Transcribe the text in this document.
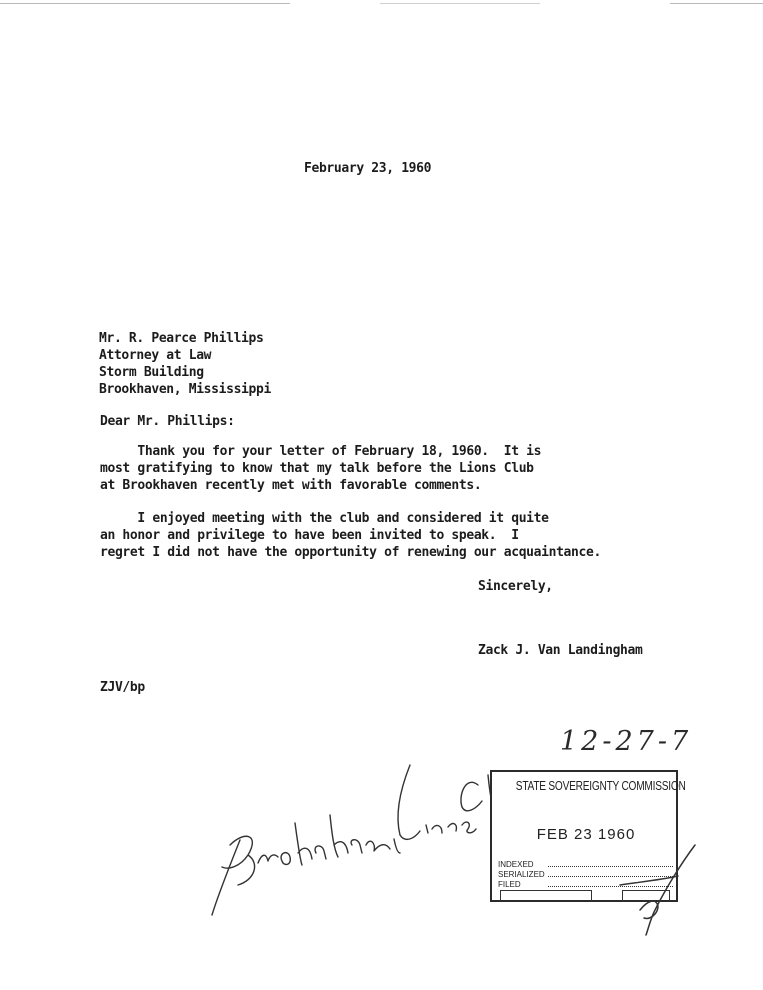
February 23, 1960
Mr. R. Pearce Phillips
Attorney at Law
Storm Building
Brookhaven, Mississippi
Dear Mr. Phillips:
Thank you for your letter of February 18, 1960.  It is
most gratifying to know that my talk before the Lions Club
at Brookhaven recently met with favorable comments.
I enjoyed meeting with the club and considered it quite
an honor and privilege to have been invited to speak.  I
regret I did not have the opportunity of renewing our acquaintance.
Sincerely,
Zack J. Van Landingham
ZJV/bp
12-27-7
STATE SOVEREIGNTY COMMISSION
FEB 23 1960
INDEXED
SERIALIZED
FILED
